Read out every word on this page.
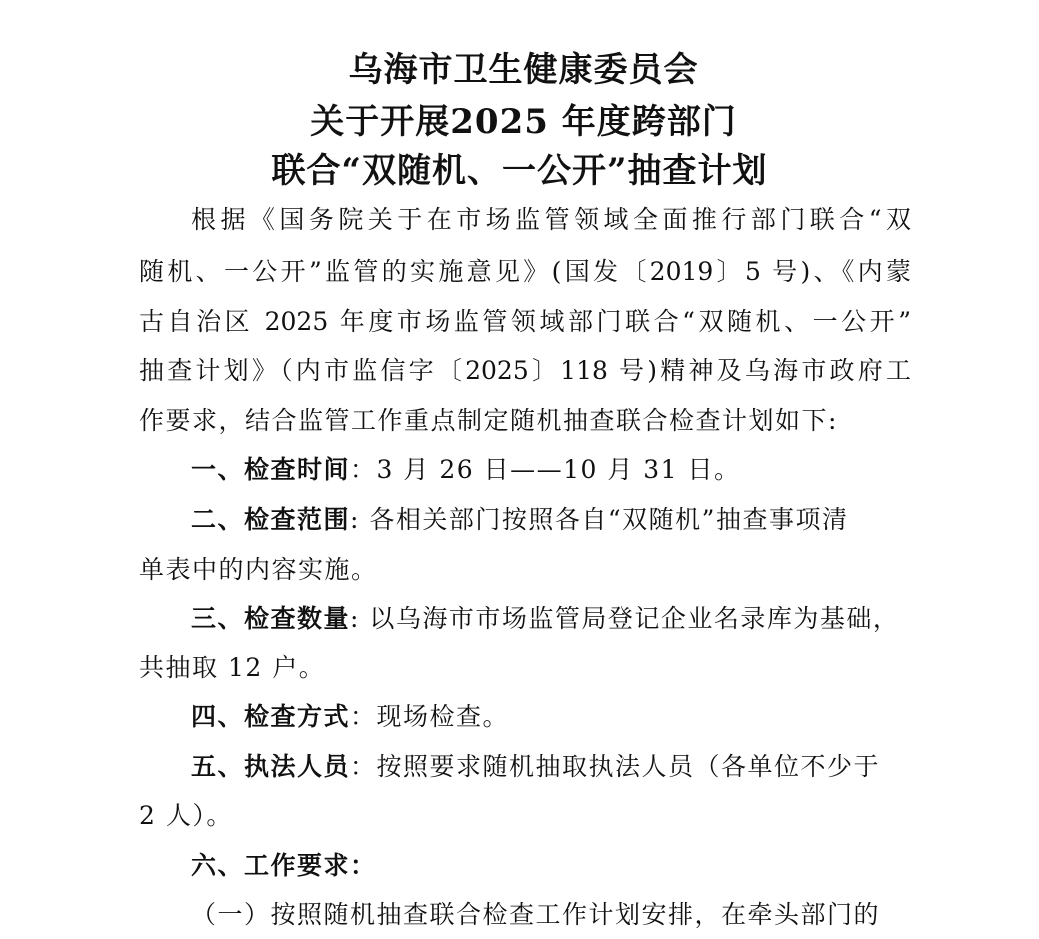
乌海市卫生健康委员会
关于开展2025 年度跨部门
联合“双随机、一公开”抽查计划
根据《国务院关于在市场监管领域全面推行部门联合“双
随机、一公开”监管的实施意见》(国发〔2019〕5 号)、《内蒙
古自治区 2025 年度市场监管领域部门联合“双随机、一公开”
抽查计划》（内市监信字〔2025〕118 号)精神及乌海市政府工
作要求，结合监管工作重点制定随机抽查联合检查计划如下:
一、检查时间：3 月 26 日——10 月 31 日。
二、检查范围: 各相关部门按照各自“双随机”抽查事项清
单表中的内容实施。
三、检查数量: 以乌海市市场监管局登记企业名录库为基础，
共抽取 12 户。
四、检查方式：现场检查。
五、执法人员：按照要求随机抽取执法人员（各单位不少于
2 人）。
六、工作要求：
（一）按照随机抽查联合检查工作计划安排，在牵头部门的
